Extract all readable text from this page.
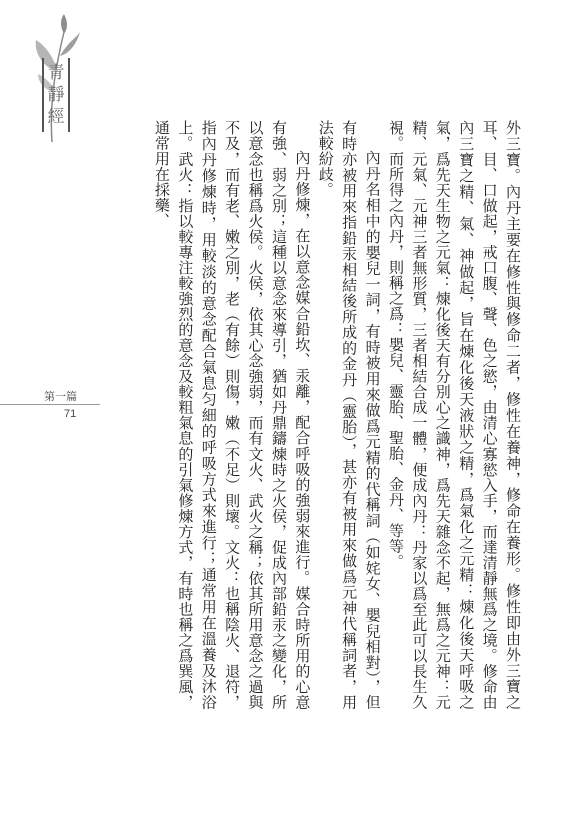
青
靜
經
第一篇
71	外三寶。內丹主要在修性與修命二者，修性在養神，修命在養形。修性即由外三寶之耳、目、口做起，戒口腹、聲、色之慾，由清心寡慾入手，而達清靜無爲之境。修命由內三寶之精、氣、神做起，旨在煉化後天液狀之精，爲氣化之元精：煉化後天呼吸之氣，爲先天生物之元氣：煉化後天有分別心之識神，爲先天雜念不起，無爲之元神：元精、元氣、元神三者無形質，三者相結合成一體，便成內丹：丹家以爲至此可以長生久視。而所得之內丹，則稱之爲：嬰兒、靈胎、聖胎、金丹、等等。

內丹名相中的嬰兒一詞，有時被用來做爲元精的代稱詞（如姹女、嬰兒相對），但有時亦被用來指鉛汞相結後所成的金丹（靈胎），甚亦有被用來做爲元神代稱詞者，用法較紛歧。

內丹修煉，在以意念媒合鉛坎、汞離，配合呼吸的強弱來進行。媒合時所用的心意有強、弱之別；這種以意念來導引，猶如丹鼎鑄煉時之火侯，促成內部鉛汞之變化，所以意念也稱爲火侯。火侯，依其心念強弱，而有文火、武火之稱；依其所用意念之過與不及，而有老、嫩之別，老（有餘）則傷，嫩（不足）則壞。文火：也稱陰火、退符，指內丹修煉時，用較淡的意念配合氣息匀細的呼吸方式來進行；通常用在溫養及沐浴上。武火：指以較專注較強烈的意念及較粗氣息的引氣修煉方式，有時也稱之爲巽風，通常用在採藥、
